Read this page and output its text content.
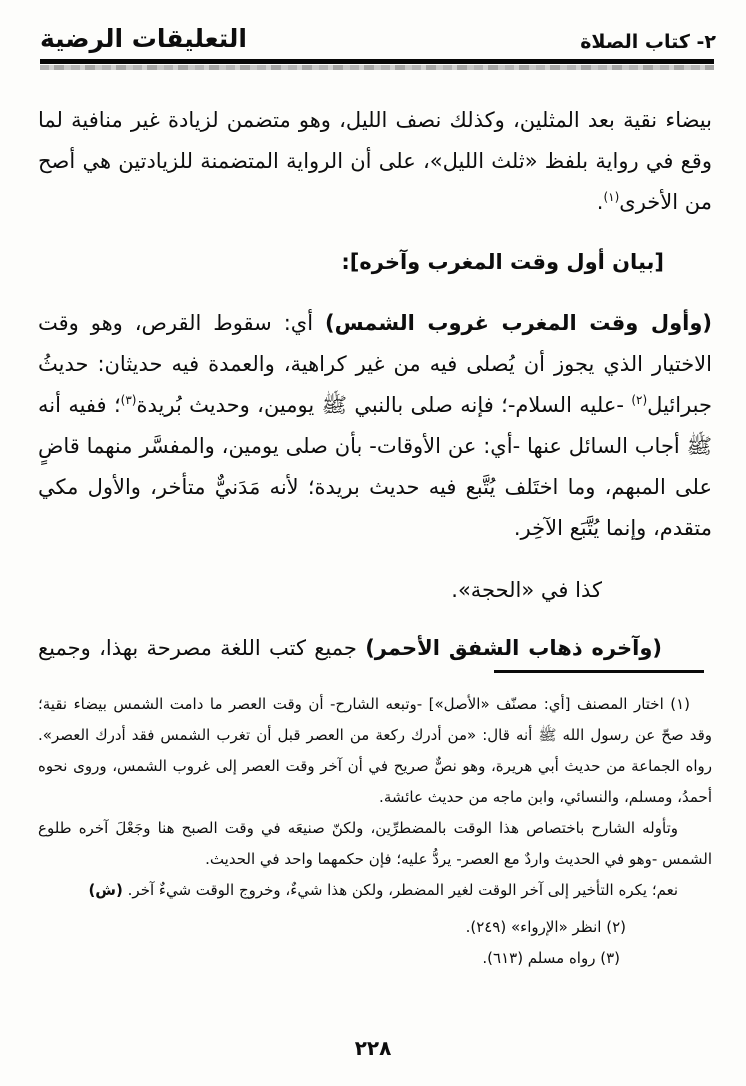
٢- كتاب الصلاة
التعليقات الرضية
بيضاء نقية بعد المثلين، وكذلك نصف الليل، وهو متضمن لزيادة غير منافية لما وقع في رواية بلفظ «ثلث الليل»، على أن الرواية المتضمنة للزيادتين هي أصح من الأخرى$^{(١)}$.
[بيان أول وقت المغرب وآخره]:
(وأول وقت المغرب غروب الشمس) أي: سقوط القرص، وهو وقت الاختيار الذي يجوز أن يُصلى فيه من غير كراهية، والعمدة فيه حديثان: حديثُ جبرائيل$^{(٢)}$ -عليه السلام-؛ فإنه صلى بالنبي ﷺ يومين، وحديث بُريدة$^{(٣)}$؛ ففيه أنه ﷺ أجاب السائل عنها -أي: عن الأوقات- بأن صلى يومين، والمفسَّر منهما قاضٍ على المبهم، وما اختَلف يُتَّبع فيه حديث بريدة؛ لأنه مَدَنيٌّ متأخر، والأول مكي متقدم، وإنما يُتَّبَع الآخِر.
كذا في «الحجة».
(وآخره ذهاب الشفق الأحمر) جميع كتب اللغة مصرحة بهذا، وجميع
(١) اختار المصنف [أي: مصنّف «الأصل»] -وتبعه الشارح- أن وقت العصر ما دامت الشمس بيضاء نقية؛ وقد صحّ عن رسول الله ﷺ أنه قال: «من أدرك ركعة من العصر قبل أن تغرب الشمس فقد أدرك العصر». رواه الجماعة من حديث أبي هريرة، وهو نصٌّ صريح في أن آخر وقت العصر إلى غروب الشمس، وروى نحوه أحمدُ، ومسلم، والنسائي، وابن ماجه من حديث عائشة.
وتأوله الشارح باختصاص هذا الوقت بالمضطرِّين، ولكنّ صنيعَه في وقت الصبح هنا وجَعْلَ آخره طلوع الشمس -وهو في الحديث واردٌ مع العصر- يردُّ عليه؛ فإن حكمهما واحد في الحديث.
نعم؛ يكره التأخير إلى آخر الوقت لغير المضطر، ولكن هذا شيءٌ، وخروج الوقت شيءٌ آخر. (ش)
(٢) انظر «الإرواء» (٢٤٩).
(٣) رواه مسلم (٦١٣).
٢٢٨
